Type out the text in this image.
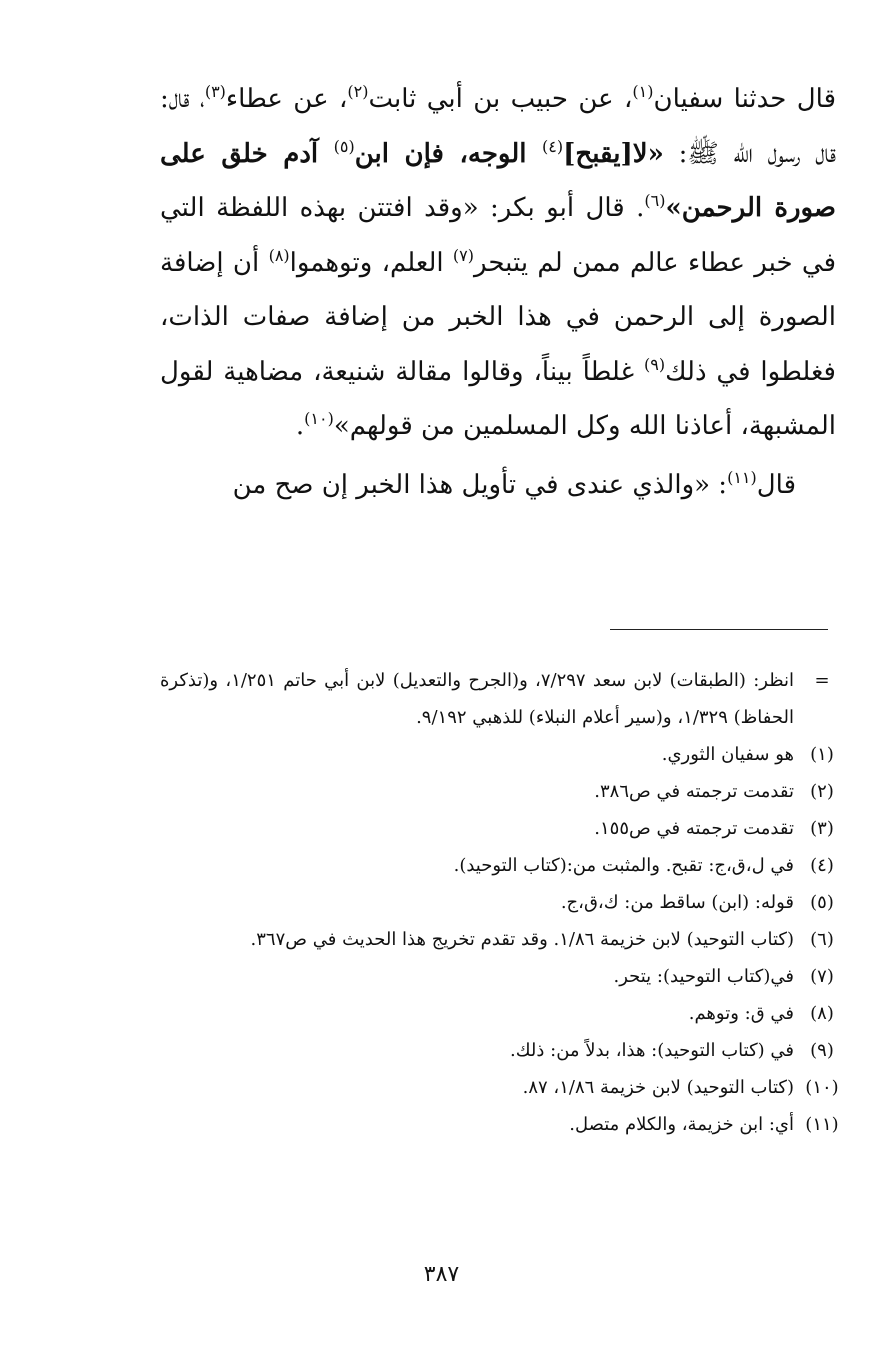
قال حدثنا سفيان$^{(١)}$، عن حبيب بن أبي ثابت$^{(٢)}$، عن عطاء$^{(٣)}$، قال: قال رسول الله ﷺ: «لا[يقبح]$^{(٤)}$ الوجه، فإن ابن$^{(٥)}$ آدم خلق على صورة الرحمن»$^{(٦)}$. قال أبو بكر: «وقد افتتن بهذه اللفظة التي في خبر عطاء عالم ممن لم يتبحر$^{(٧)}$ العلم، وتوهموا$^{(٨)}$ أن إضافة الصورة إلى الرحمن في هذا الخبر من إضافة صفات الذات، فغلطوا في ذلك$^{(٩)}$ غلطاً بيناً، وقالوا مقالة شنيعة، مضاهية لقول المشبهة، أعاذنا الله وكل المسلمين من قولهم»$^{(١٠)}$.

قال$^{(١١)}$: «والذي عندى في تأويل هذا الخبر إن صح من

=
انظر: (الطبقات) لابن سعد ٧/٢٩٧، و(الجرح والتعديل) لابن أبي حاتم ١/٢٥١، و(تذكرة الحفاظ) ١/٣٢٩، و(سير أعلام النبلاء) للذهبي ٩/١٩٢.
(١)
هو سفيان الثوري.
(٢)
تقدمت ترجمته في ص٣٨٦.
(٣)
تقدمت ترجمته في ص١٥٥.
(٤)
في ل،ق،ج: تقبح. والمثبت من:(كتاب التوحيد).
(٥)
قوله: (ابن) ساقط من: ك،ق،ج.
(٦)
(كتاب التوحيد) لابن خزيمة ١/٨٦. وقد تقدم تخريج هذا الحديث في ص٣٦٧.
(٧)
في(كتاب التوحيد): يتحر.
(٨)
في ق: وتوهم.
(٩)
في (كتاب التوحيد): هذا، بدلاً من: ذلك.
(١٠)
(كتاب التوحيد) لابن خزيمة ١/٨٦، ٨٧.
(١١)
أي: ابن خزيمة، والكلام متصل.
٣٨٧
